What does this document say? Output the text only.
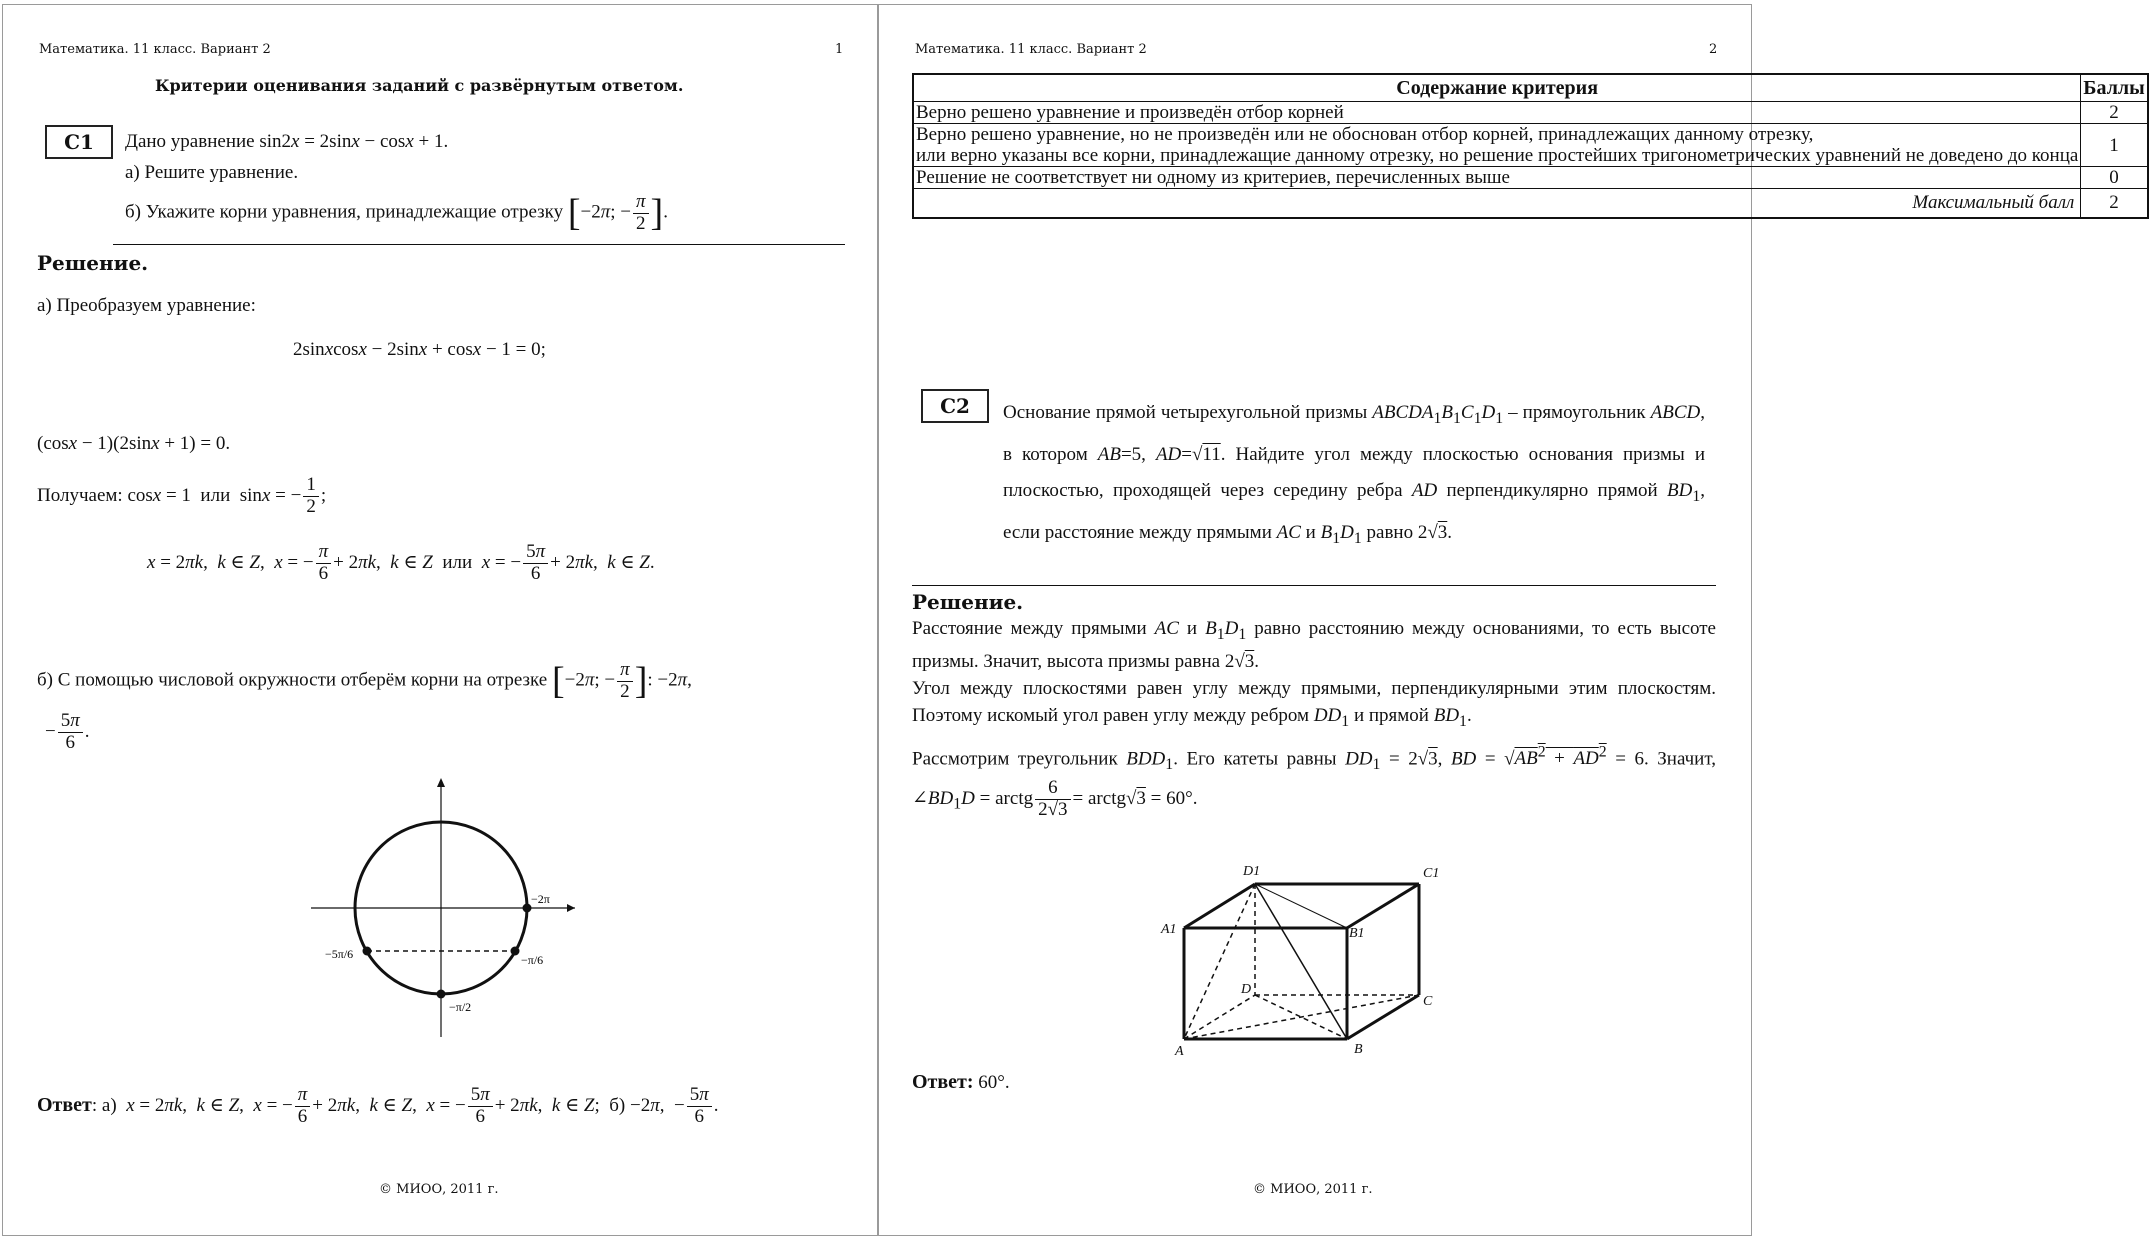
Математика. 11 класс. Вариант 2	1
Критерии оценивания заданий с развёрнутым ответом.
С1	Дано уравнение sin2x = 2sinx − cosx + 1.
а) Решите уравнение.
б) Укажите корни уравнения, принадлежащие отрезку [−2π; − $\frac{\pi}{2}$ ].
Решение.
а) Преобразуем уравнение:
2sinxcosx − 2sinx + cosx − 1 = 0;
(cosx − 1)(2sinx + 1) = 0.
Получаем: cosx = 1  или  sinx = − $\frac{1}{2}$ ;
x = 2πk,  k ∈ Z,  x = − $\frac{\pi}{6} + 2\pi k$,  k ∈ Z  или  x = − $\frac{5\pi}{6} + 2\pi k$,  k ∈ Z.
б) С помощью числовой окружности отберём корни на отрезке [−2π; − $\frac{\pi}{2}$ ]: −2π,
− $\frac{5\pi}{6}$ .
−2π
−5π/6	−π/6
−π/2
Ответ: а)  x = 2πk,  k ∈ Z,  x = − $\frac{\pi}{6} + 2\pi k$,  k ∈ Z,  x = − $\frac{5\pi}{6} + 2\pi k$,  k ∈ Z;  б) −2π,  − $\frac{5\pi}{6}$ .
© МИОО, 2011 г.
Математика. 11 класс. Вариант 2	2
Содержание критерия	Баллы
Верно решено уравнение и произведён отбор корней	2

Верно решено уравнение, но не произведён или не обоснован отбор корней, принадлежащих данному отрезку,
или верно указаны все корни, принадлежащие данному отрезку, но решение простейших тригонометрических уравнений не доведено до конца	1
Решение не соответствует ни одному из критериев, перечисленных выше	0
Максимальный балл	2
С2	Основание прямой четырехугольной призмы $ABCDA_1B_1C_1D_1$ – прямоугольник ABCD, в котором AB=5, AD=√11. Найдите угол между плоскостью основания призмы и плоскостью, проходящей через середину ребра AD перпендикулярно прямой $BD_1$, если расстояние между прямыми AC и $B_1D_1$ равно 2√3.
Решение.
Расстояние между прямыми AC и $B_1D_1$ равно расстоянию между основаниями, то есть высоте призмы. Значит, высота призмы равна 2√3.
Угол между плоскостями равен углу между прямыми, перпендикулярными этим плоскостям. Поэтому искомый угол равен углу между ребром $DD_1$ и прямой $BD_1$.
Рассмотрим треугольник $BDD_1$. Его катеты равны $DD_1 = 2√3$, BD = $√AB^2 + AD^2 = 6$. Значит, $\angle BD_1D$ = arctg $\frac{6}{2√3}$ = arctg√3 = 60°.
A	B
C
D
A1	B1
C1
D1
Ответ: 60°.
© МИОО, 2011 г.
